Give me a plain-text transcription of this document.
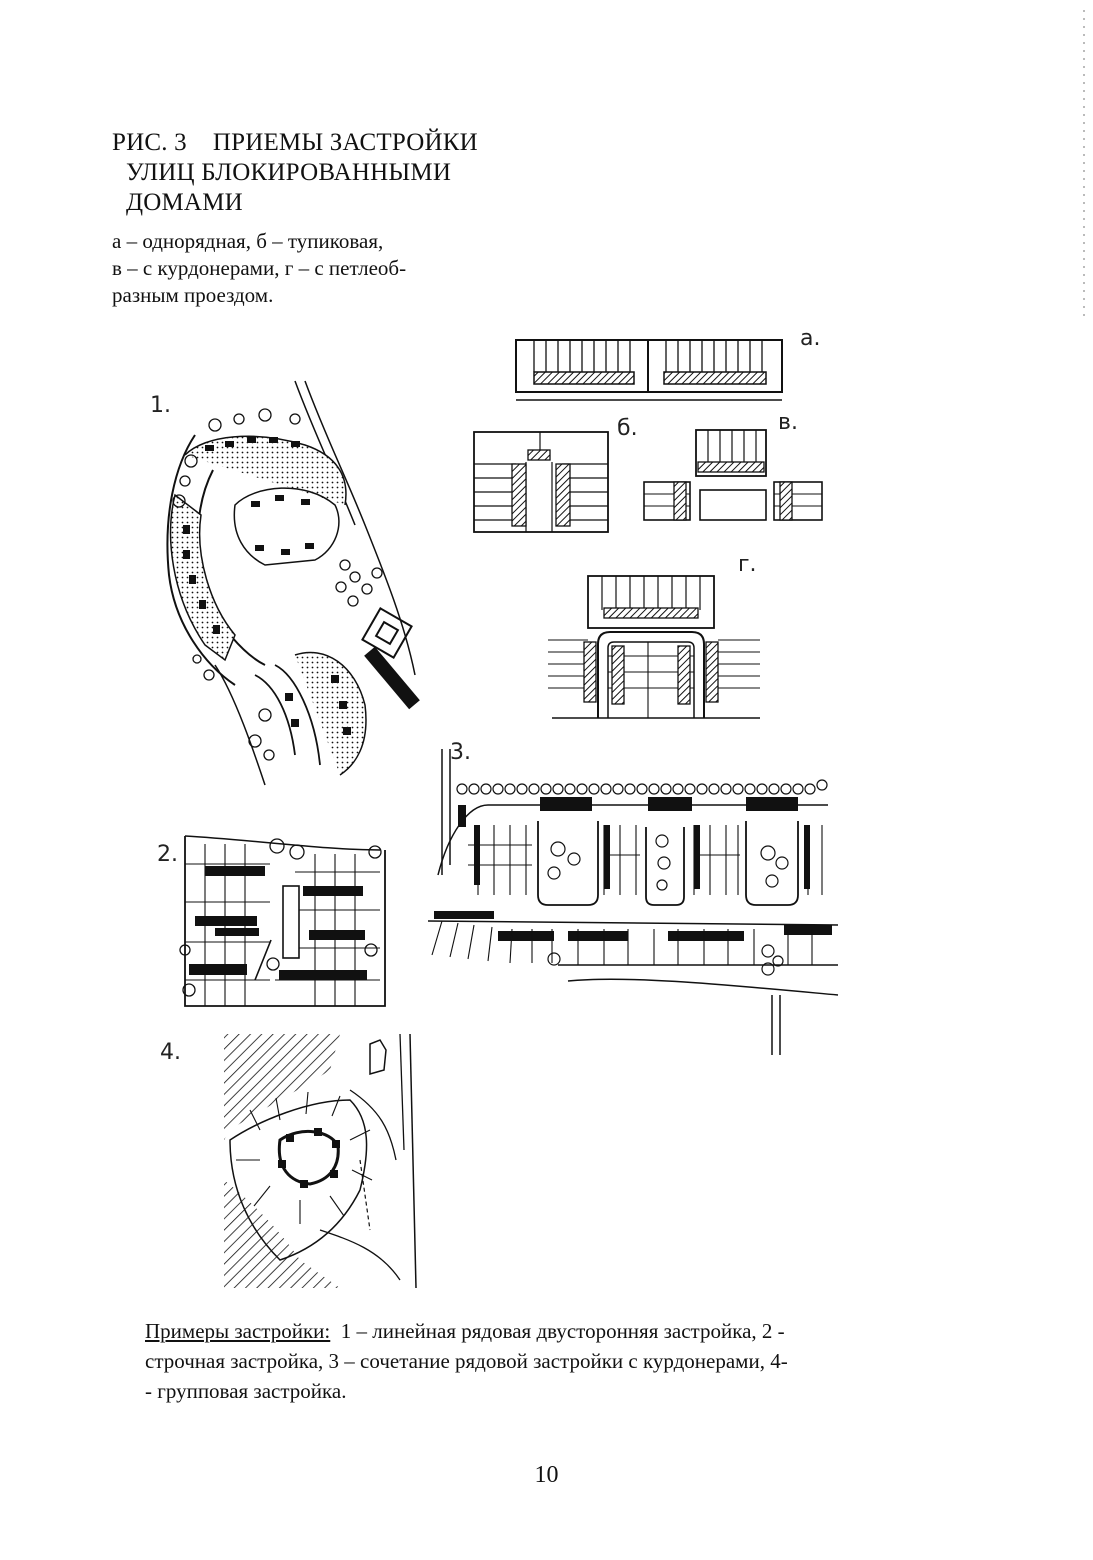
РИС. 3 ПРИЕМЫ ЗАСТРОЙКИ
УЛИЦ БЛОКИРОВАННЫМИ
ДОМАМИ
а – однорядная, б – тупиковая,
в – с курдонерами, г – с петлеоб-
разным проездом.
а.
б.	в.
г.
1.
2.
3.
4.
Примеры застройки: 1 – линейная рядовая двусторонняя застройка, 2 -
строчная застройка, 3 – сочетание рядовой застройки с курдонерами, 4-
- групповая застройка.
10
